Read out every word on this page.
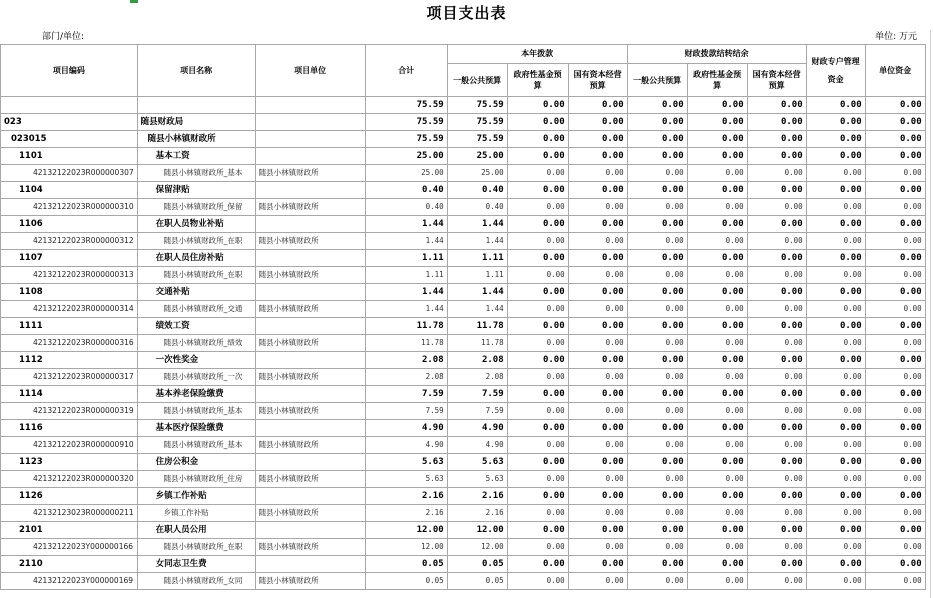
项目支出表
部门/单位:	单位: 万元
项目编码	项目名称	项目单位	合计	本年拨款			财政拨款结转结余			财政专户管理资金	单位资金
				一般公共预算	政府性基金预算	国有资本经营预算	一般公共预算	政府性基金预算	国有资本经营预算		
			75.59	75.59	0.00	0.00	0.00	0.00	0.00	0.00	0.00
023	随县财政局		75.59	75.59	0.00	0.00	0.00	0.00	0.00	0.00	0.00
023015	随县小林镇财政所		75.59	75.59	0.00	0.00	0.00	0.00	0.00	0.00	0.00
1101	基本工资		25.00	25.00	0.00	0.00	0.00	0.00	0.00	0.00	0.00
42132122023R000000307	随县小林镇财政所_基本	随县小林镇财政所	25.00	25.00	0.00	0.00	0.00	0.00	0.00	0.00	0.00
1104	保留津贴		0.40	0.40	0.00	0.00	0.00	0.00	0.00	0.00	0.00
42132122023R000000310	随县小林镇财政所_保留	随县小林镇财政所	0.40	0.40	0.00	0.00	0.00	0.00	0.00	0.00	0.00
1106	在职人员物业补贴		1.44	1.44	0.00	0.00	0.00	0.00	0.00	0.00	0.00
42132122023R000000312	随县小林镇财政所_在职	随县小林镇财政所	1.44	1.44	0.00	0.00	0.00	0.00	0.00	0.00	0.00
1107	在职人员住房补贴		1.11	1.11	0.00	0.00	0.00	0.00	0.00	0.00	0.00
42132122023R000000313	随县小林镇财政所_在职	随县小林镇财政所	1.11	1.11	0.00	0.00	0.00	0.00	0.00	0.00	0.00
1108	交通补贴		1.44	1.44	0.00	0.00	0.00	0.00	0.00	0.00	0.00
42132122023R000000314	随县小林镇财政所_交通	随县小林镇财政所	1.44	1.44	0.00	0.00	0.00	0.00	0.00	0.00	0.00
1111	绩效工资		11.78	11.78	0.00	0.00	0.00	0.00	0.00	0.00	0.00
42132122023R000000316	随县小林镇财政所_绩效	随县小林镇财政所	11.78	11.78	0.00	0.00	0.00	0.00	0.00	0.00	0.00
1112	一次性奖金		2.08	2.08	0.00	0.00	0.00	0.00	0.00	0.00	0.00
42132122023R000000317	随县小林镇财政所_一次	随县小林镇财政所	2.08	2.08	0.00	0.00	0.00	0.00	0.00	0.00	0.00
1114	基本养老保险缴费		7.59	7.59	0.00	0.00	0.00	0.00	0.00	0.00	0.00
42132122023R000000319	随县小林镇财政所_基本	随县小林镇财政所	7.59	7.59	0.00	0.00	0.00	0.00	0.00	0.00	0.00
1116	基本医疗保险缴费		4.90	4.90	0.00	0.00	0.00	0.00	0.00	0.00	0.00
42132122023R000000910	随县小林镇财政所_基本	随县小林镇财政所	4.90	4.90	0.00	0.00	0.00	0.00	0.00	0.00	0.00
1123	住房公积金		5.63	5.63	0.00	0.00	0.00	0.00	0.00	0.00	0.00
42132122023R000000320	随县小林镇财政所_住房	随县小林镇财政所	5.63	5.63	0.00	0.00	0.00	0.00	0.00	0.00	0.00
1126	乡镇工作补贴		2.16	2.16	0.00	0.00	0.00	0.00	0.00	0.00	0.00
42132123023R000000211	乡镇工作补贴	随县小林镇财政所	2.16	2.16	0.00	0.00	0.00	0.00	0.00	0.00	0.00
2101	在职人员公用		12.00	12.00	0.00	0.00	0.00	0.00	0.00	0.00	0.00
42132122023Y000000166	随县小林镇财政所_在职	随县小林镇财政所	12.00	12.00	0.00	0.00	0.00	0.00	0.00	0.00	0.00
2110	女同志卫生费		0.05	0.05	0.00	0.00	0.00	0.00	0.00	0.00	0.00
42132122023Y000000169	随县小林镇财政所_女同	随县小林镇财政所	0.05	0.05	0.00	0.00	0.00	0.00	0.00	0.00	0.00
